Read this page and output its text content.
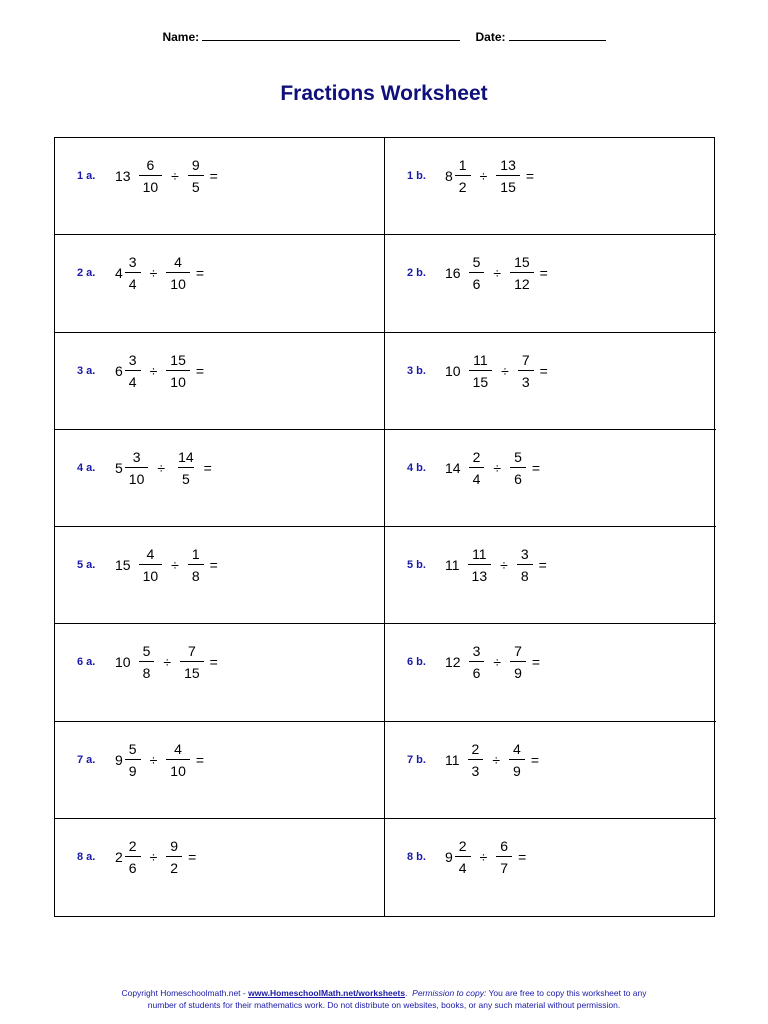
Name:	Date:
Fractions Worksheet
1 a.	$13 \frac{6}{10} \div \frac{9}{5}$ =	1 b.	$8 \frac{1}{2} \div \frac{13}{15}$ =
2 a.	$4 \frac{3}{4} \div \frac{4}{10}$ =	2 b.	$16 \frac{5}{6} \div \frac{15}{12}$ =
3 a.	$6 \frac{3}{4} \div \frac{15}{10}$ =	3 b.	$10 \frac{11}{15} \div \frac{7}{3}$ =
4 a.	$5 \frac{3}{10} \div \frac{14}{5}$ =	4 b.	$14 \frac{2}{4} \div \frac{5}{6}$ =
5 a.	$15 \frac{4}{10} \div \frac{1}{8}$ =	5 b.	$11 \frac{11}{13} \div \frac{3}{8}$ =
6 a.	$10 \frac{5}{8} \div \frac{7}{15}$ =	6 b.	$12 \frac{3}{6} \div \frac{7}{9}$ =
7 a.	$9 \frac{5}{9} \div \frac{4}{10}$ =	7 b.	$11 \frac{2}{3} \div \frac{4}{9}$ =
8 a.	$2 \frac{2}{6} \div \frac{9}{2}$ =	8 b.	$9 \frac{2}{4} \div \frac{6}{7}$ =
Copyright Homeschoolmath.net - www.HomeschoolMath.net/worksheets.  Permission to copy: You are free to copy this worksheet to any
number of students for their mathematics work. Do not distribute on websites, books, or any such material without permission.
